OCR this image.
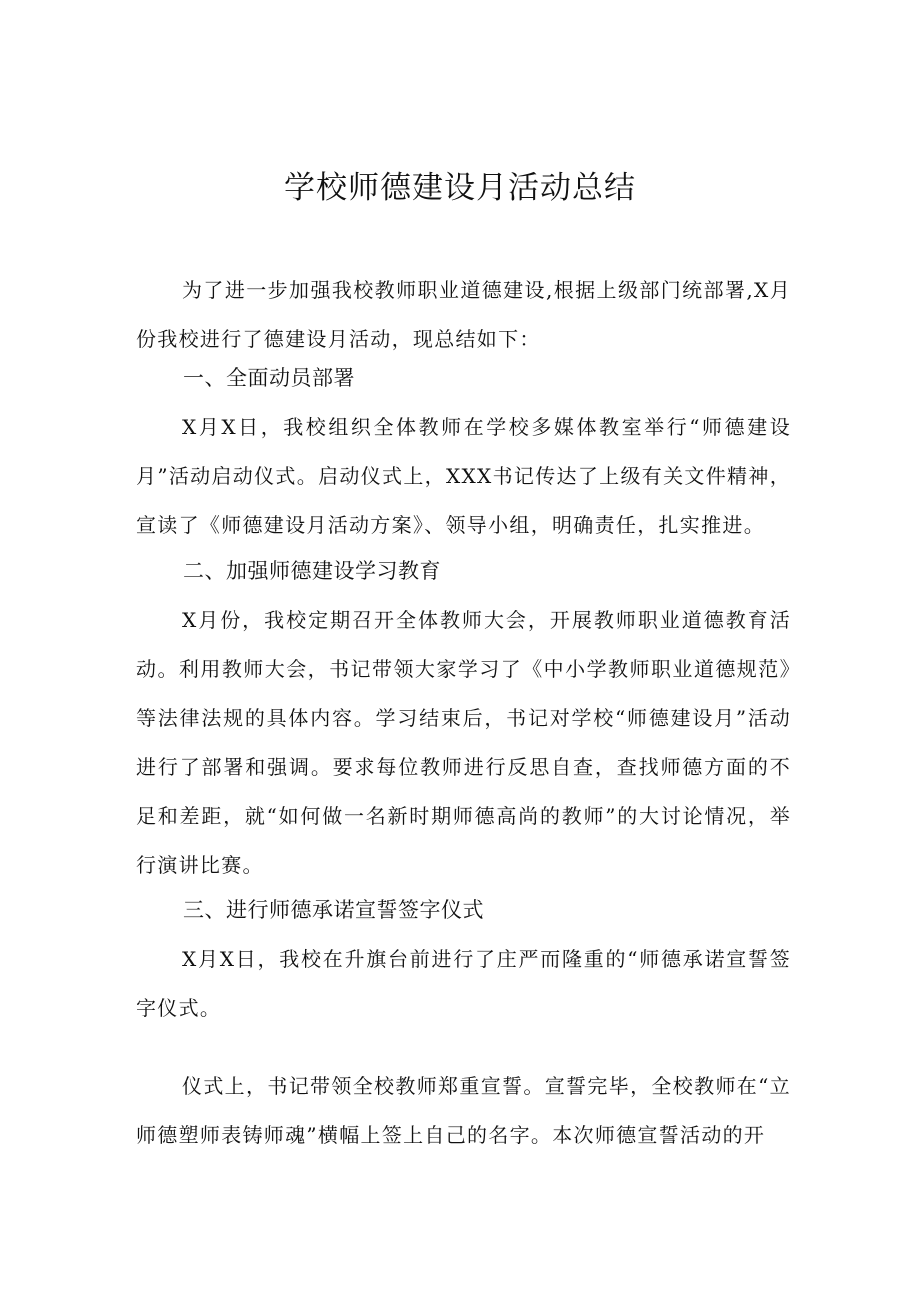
学校师德建设月活动总结

为了进一步加强我校教师职业道德建设,根据上级部门统部署,X月份我校进行了德建设月活动，现总结如下：

一、全面动员部署

X月X日，我校组织全体教师在学校多媒体教室举行“师德建设月”活动启动仪式。启动仪式上，XXX书记传达了上级有关文件精神，宣读了《师德建设月活动方案》、领导小组，明确责任，扎实推进。

二、加强师德建设学习教育

X月份，我校定期召开全体教师大会，开展教师职业道德教育活动。利用教师大会，书记带领大家学习了《中小学教师职业道德规范》等法律法规的具体内容。学习结束后，书记对学校“师德建设月”活动进行了部署和强调。要求每位教师进行反思自查，查找师德方面的不足和差距，就“如何做一名新时期师德高尚的教师”的大讨论情况，举行演讲比赛。

三、进行师德承诺宣誓签字仪式

X月X日，我校在升旗台前进行了庄严而隆重的“师德承诺宣誓签字仪式。

仪式上，书记带领全校教师郑重宣誓。宣誓完毕，全校教师在“立师德塑师表铸师魂”横幅上签上自己的名字。本次师德宣誓活动的开
